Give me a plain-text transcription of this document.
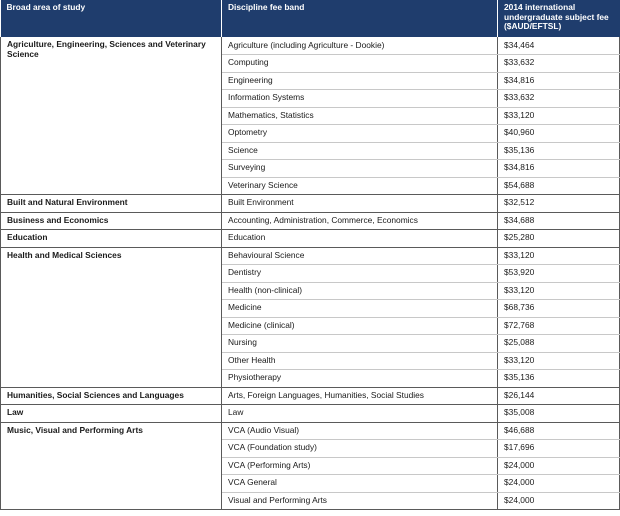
Broad area of study	Discipline fee band	2014 international undergraduate subject fee ($AUD/EFTSL)
Agriculture, Engineering, Sciences and Veterinary Science	Agriculture (including Agriculture - Dookie)	$34,464
	Computing	$33,632
	Engineering	$34,816
	Information Systems	$33,632
	Mathematics, Statistics	$33,120
	Optometry	$40,960
	Science	$35,136
	Surveying	$34,816
	Veterinary Science	$54,688
Built and Natural Environment	Built Environment	$32,512
Business and Economics	Accounting, Administration, Commerce, Economics	$34,688
Education	Education	$25,280
Health and Medical Sciences	Behavioural Science	$33,120
	Dentistry	$53,920
	Health (non-clinical)	$33,120
	Medicine	$68,736
	Medicine (clinical)	$72,768
	Nursing	$25,088
	Other Health	$33,120
	Physiotherapy	$35,136
Humanities, Social Sciences and Languages	Arts, Foreign Languages, Humanities, Social Studies	$26,144
Law	Law	$35,008
Music, Visual and Performing Arts	VCA (Audio Visual)	$46,688
	VCA (Foundation study)	$17,696
	VCA (Performing Arts)	$24,000
	VCA General	$24,000
	Visual and Performing Arts	$24,000
